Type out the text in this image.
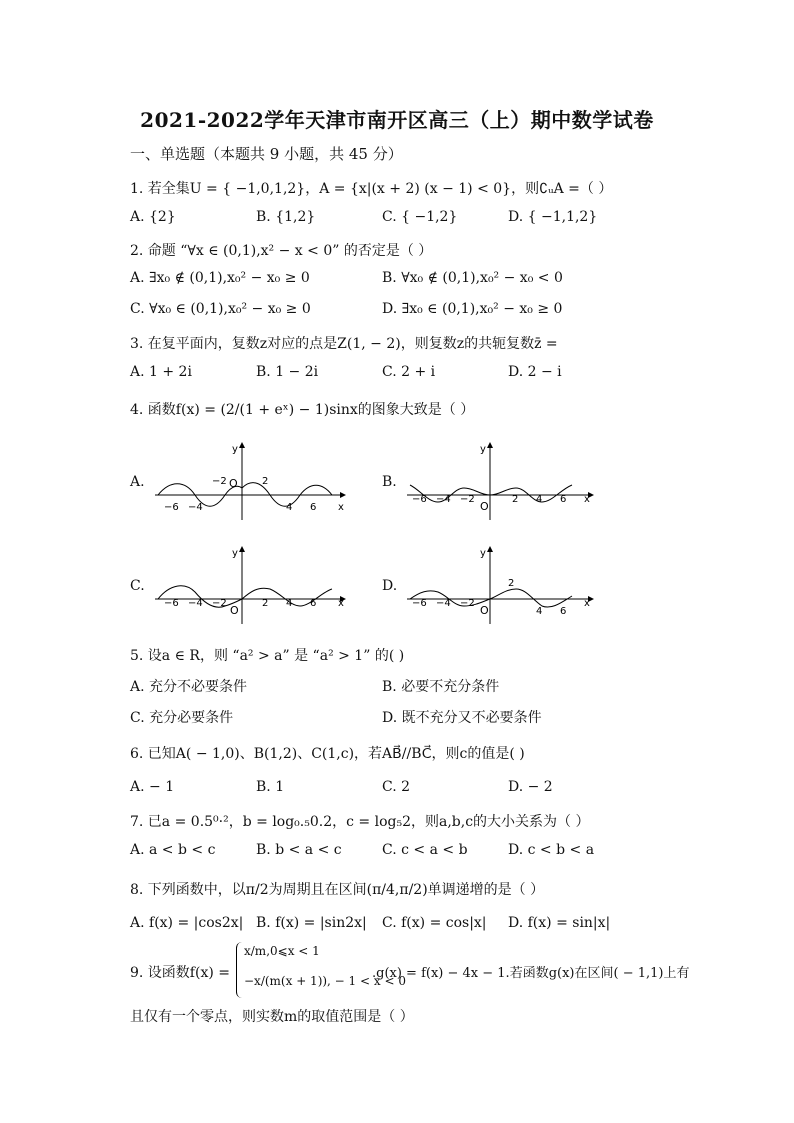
2021-2022学年天津市南开区高三（上）期中数学试卷
一、单选题（本题共 9 小题，共 45 分）
1. 若全集U = { −1,0,1,2}，A = {x|(x + 2) (x − 1) < 0}，则∁ᵤA =（ ）
A. {2}	B. {1,2}	C. { −1,2}	D. { −1,1,2}
2. 命题 “∀x ∈ (0,1),x² − x < 0” 的否定是（ ）
A. ∃x₀ ∉ (0,1),x₀² − x₀ ≥ 0	B. ∀x₀ ∉ (0,1),x₀² − x₀ < 0
C. ∀x₀ ∈ (0,1),x₀² − x₀ ≥ 0	D. ∃x₀ ∈ (0,1),x₀² − x₀ ≥ 0
3. 在复平面内，复数z对应的点是Z(1, − 2)，则复数z的共轭复数z̄ =
A. 1 + 2i	B. 1 − 2i	C. 2 + i	D. 2 − i
4. 函数f(x) = (2/(1 + eˣ) − 1)sinx的图象大致是（ ）
A.
y
x
O
−6 −4
−2	2
4 6
B.
y
x
O
−6 −4 −2	2 4 6
C.
y
x
O
−6 −4 −2	2 4 6
D.
y
x
O
−6 −4 −2
2
4 6
5. 设a ∈ R，则 “a² > a” 是 “a² > 1” 的( )
A. 充分不必要条件	B. 必要不充分条件
C. 充分必要条件	D. 既不充分又不必要条件
6. 已知A( − 1,0)、B(1,2)、C(1,c)，若AB⃗//BC⃗，则c的值是( )
A. − 1	B. 1	C. 2	D. − 2
7. 已a = 0.5⁰·²，b = log₀.₅0.2，c = log₅2，则a,b,c的大小关系为（ ）
A. a < b < c	B. b < a < c	C. c < a < b	D. c < b < a
8. 下列函数中，以π/2为周期且在区间(π/4,π/2)单调递增的是（ ）
A. f(x) = |cos2x| B. f(x) = |sin2x| C. f(x) = cos|x| D. f(x) = sin|x|
9. 设函数f(x) =
x/m,0⩽x < 1
−x/(m(x + 1)), − 1 < x < 0
.g(x) = f(x) − 4x − 1.若函数g(x)在区间( − 1,1)上有
且仅有一个零点，则实数m的取值范围是（ ）
